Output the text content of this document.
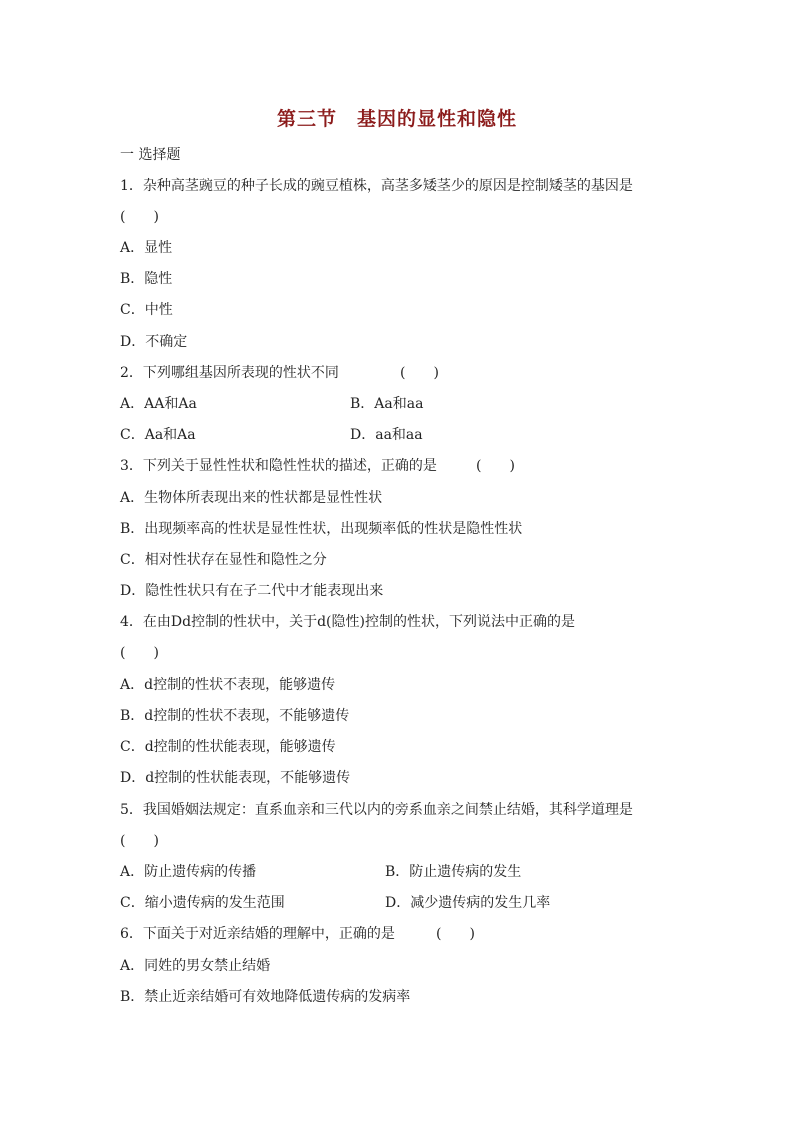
第三节　基因的显性和隐性
一 选择题
1．杂种高茎豌豆的种子长成的豌豆植株，高茎多矮茎少的原因是控制矮茎的基因是
(　　)
A．显性
B．隐性
C．中性
D．不确定
2．下列哪组基因所表现的性状不同	(　　)
A．AA和Aa	B．Aa和aa
C．Aa和Aa	D．aa和aa
3．下列关于显性性状和隐性性状的描述，正确的是	(　　)
A．生物体所表现出来的性状都是显性性状
B．出现频率高的性状是显性性状，出现频率低的性状是隐性性状
C．相对性状存在显性和隐性之分
D．隐性性状只有在子二代中才能表现出来
4．在由Dd控制的性状中，关于d(隐性)控制的性状，下列说法中正确的是
(　　)
A．d控制的性状不表现，能够遗传
B．d控制的性状不表现，不能够遗传
C．d控制的性状能表现，能够遗传
D．d控制的性状能表现，不能够遗传
5．我国婚姻法规定：直系血亲和三代以内的旁系血亲之间禁止结婚，其科学道理是
(　　)
A．防止遗传病的传播	B．防止遗传病的发生
C．缩小遗传病的发生范围	D．减少遗传病的发生几率
6．下面关于对近亲结婚的理解中，正确的是	(　　)
A．同姓的男女禁止结婚
B．禁止近亲结婚可有效地降低遗传病的发病率
